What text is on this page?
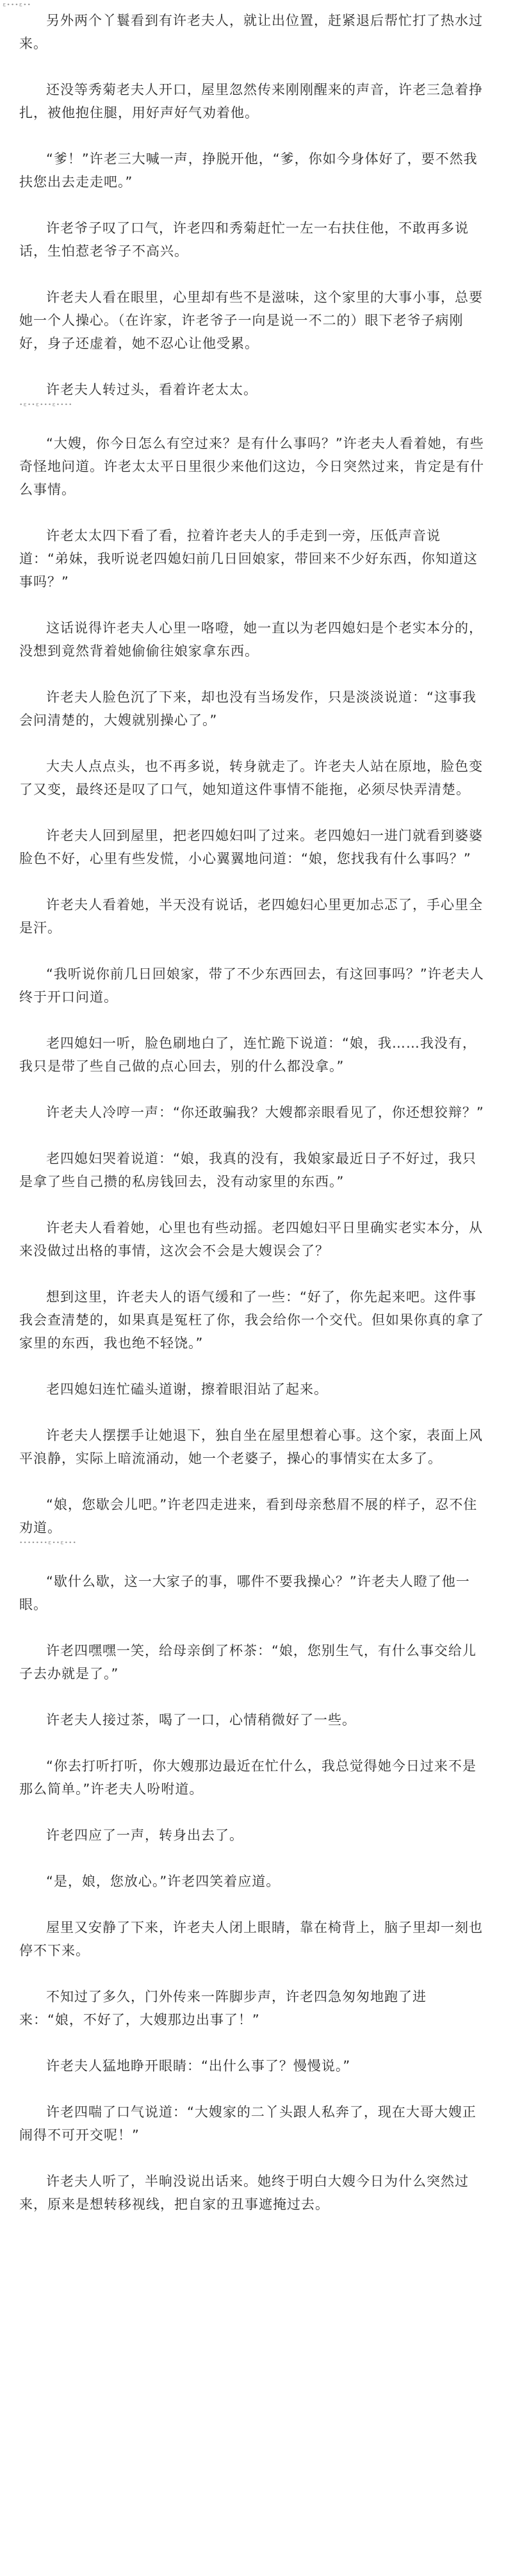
ε∙∙∙ε∙∙

另外两个丫鬟看到有许老夫人，就让出位置，赶紧退后帮忙打了热水过来。

还没等秀菊老夫人开口，屋里忽然传来刚刚醒来的声音，许老三急着挣扎，被他抱住腿，用好声好气劝着他。

“爹！”许老三大喊一声，挣脱开他，“爹，你如今身体好了，要不然我扶您出去走走吧。”

许老爷子叹了口气，许老四和秀菊赶忙一左一右扶住他，不敢再多说话，生怕惹老爷子不高兴。

许老夫人看在眼里，心里却有些不是滋味，这个家里的大事小事，总要她一个人操心。（在许家，许老爷子一向是说一不二的）眼下老爷子病刚好，身子还虚着，她不忍心让他受累。

许老夫人转过头，看着许老太太。

∙ε∙∙ε∙∙∙ε∙∙∙∙

“大嫂，你今日怎么有空过来？是有什么事吗？”许老夫人看着她，有些奇怪地问道。许老太太平日里很少来他们这边，今日突然过来，肯定是有什么事情。

许老太太四下看了看，拉着许老夫人的手走到一旁，压低声音说道：“弟妹，我听说老四媳妇前几日回娘家，带回来不少好东西，你知道这事吗？”

这话说得许老夫人心里一咯噔，她一直以为老四媳妇是个老实本分的，没想到竟然背着她偷偷往娘家拿东西。

许老夫人脸色沉了下来，却也没有当场发作，只是淡淡说道：“这事我会问清楚的，大嫂就别操心了。”

大夫人点点头，也不再多说，转身就走了。许老夫人站在原地，脸色变了又变，最终还是叹了口气，她知道这件事情不能拖，必须尽快弄清楚。

许老夫人回到屋里，把老四媳妇叫了过来。老四媳妇一进门就看到婆婆脸色不好，心里有些发慌，小心翼翼地问道：“娘，您找我有什么事吗？”

许老夫人看着她，半天没有说话，老四媳妇心里更加忐忑了，手心里全是汗。

“我听说你前几日回娘家，带了不少东西回去，有这回事吗？”许老夫人终于开口问道。

老四媳妇一听，脸色刷地白了，连忙跪下说道：“娘，我……我没有，我只是带了些自己做的点心回去，别的什么都没拿。”

许老夫人冷哼一声：“你还敢骗我？大嫂都亲眼看见了，你还想狡辩？”

老四媳妇哭着说道：“娘，我真的没有，我娘家最近日子不好过，我只是拿了些自己攒的私房钱回去，没有动家里的东西。”

许老夫人看着她，心里也有些动摇。老四媳妇平日里确实老实本分，从来没做过出格的事情，这次会不会是大嫂误会了？

想到这里，许老夫人的语气缓和了一些：“好了，你先起来吧。这件事我会查清楚的，如果真是冤枉了你，我会给你一个交代。但如果你真的拿了家里的东西，我也绝不轻饶。”

老四媳妇连忙磕头道谢，擦着眼泪站了起来。

许老夫人摆摆手让她退下，独自坐在屋里想着心事。这个家，表面上风平浪静，实际上暗流涌动，她一个老婆子，操心的事情实在太多了。

“娘，您歇会儿吧。”许老四走进来，看到母亲愁眉不展的样子，忍不住劝道。

∙∙∙∙∙∙∙ε∙∙ε∙∙∙

“歇什么歇，这一大家子的事，哪件不要我操心？”许老夫人瞪了他一眼。

许老四嘿嘿一笑，给母亲倒了杯茶：“娘，您别生气，有什么事交给儿子去办就是了。”

许老夫人接过茶，喝了一口，心情稍微好了一些。

“你去打听打听，你大嫂那边最近在忙什么，我总觉得她今日过来不是那么简单。”许老夫人吩咐道。

许老四应了一声，转身出去了。

“是，娘，您放心。”许老四笑着应道。

屋里又安静了下来，许老夫人闭上眼睛，靠在椅背上，脑子里却一刻也停不下来。

不知过了多久，门外传来一阵脚步声，许老四急匆匆地跑了进来：“娘，不好了，大嫂那边出事了！”

许老夫人猛地睁开眼睛：“出什么事了？慢慢说。”

许老四喘了口气说道：“大嫂家的二丫头跟人私奔了，现在大哥大嫂正闹得不可开交呢！”

许老夫人听了，半晌没说出话来。她终于明白大嫂今日为什么突然过来，原来是想转移视线，把自家的丑事遮掩过去。
